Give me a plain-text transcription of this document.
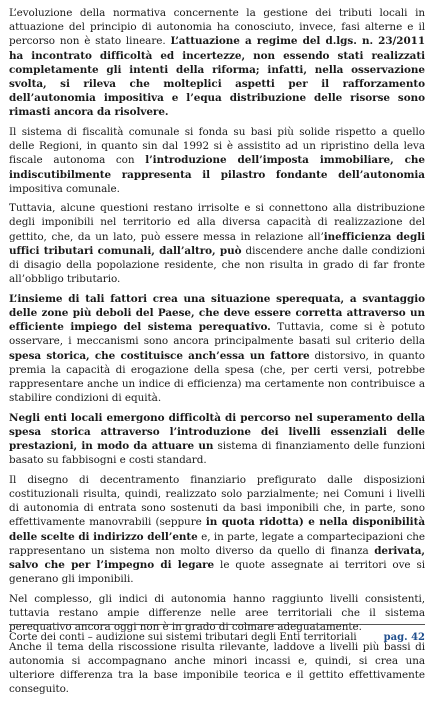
L’evoluzione della normativa concernente la gestione dei tributi locali in attuazione del principio di autonomia ha conosciuto, invece, fasi alterne e il percorso non è stato lineare. L’attuazione a regime del d.lgs. n. 23/2011 ha incontrato difficoltà ed incertezze, non essendo stati realizzati completamente gli intenti della riforma; infatti, nella osservazione svolta, si rileva che molteplici aspetti per il rafforzamento dell’autonomia impositiva e l’equa distribuzione delle risorse sono rimasti ancora da risolvere.

Il sistema di fiscalità comunale si fonda su basi più solide rispetto a quello delle Regioni, in quanto sin dal 1992 si è assistito ad un ripristino della leva fiscale autonoma con l’introduzione dell’imposta immobiliare, che indiscutibilmente rappresenta il pilastro fondante dell’autonomia impositiva comunale.

Tuttavia, alcune questioni restano irrisolte e si connettono alla distribuzione degli imponibili nel territorio ed alla diversa capacità di realizzazione del gettito, che, da un lato, può essere messa in relazione all’inefficienza degli uffici tributari comunali, dall’altro, può discendere anche dalle condizioni di disagio della popolazione residente, che non risulta in grado di far fronte all’obbligo tributario.

L’insieme di tali fattori crea una situazione sperequata, a svantaggio delle zone più deboli del Paese, che deve essere corretta attraverso un efficiente impiego del sistema perequativo. Tuttavia, come si è potuto osservare, i meccanismi sono ancora principalmente basati sul criterio della spesa storica, che costituisce anch’essa un fattore distorsivo, in quanto premia la capacità di erogazione della spesa (che, per certi versi, potrebbe rappresentare anche un indice di efficienza) ma certamente non contribuisce a stabilire condizioni di equità.

Negli enti locali emergono difficoltà di percorso nel superamento della spesa storica attraverso l’introduzione dei livelli essenziali delle prestazioni, in modo da attuare un sistema di finanziamento delle funzioni basato su fabbisogni e costi standard.

Il disegno di decentramento finanziario prefigurato dalle disposizioni costituzionali risulta, quindi, realizzato solo parzialmente; nei Comuni i livelli di autonomia di entrata sono sostenuti da basi imponibili che, in parte, sono effettivamente manovrabili (seppure in quota ridotta) e nella disponibilità delle scelte di indirizzo dell’ente e, in parte, legate a compartecipazioni che rappresentano un sistema non molto diverso da quello di finanza derivata, salvo che per l’impegno di legare le quote assegnate ai territori ove si generano gli imponibili.

Nel complesso, gli indici di autonomia hanno raggiunto livelli consistenti, tuttavia restano ampie differenze nelle aree territoriali che il sistema perequativo ancora oggi non è in grado di colmare adeguatamente.

Anche il tema della riscossione risulta rilevante, laddove a livelli più bassi di autonomia si accompagnano anche minori incassi e, quindi, si crea una ulteriore differenza tra la base imponibile teorica e il gettito effettivamente conseguito.

Corte dei conti – audizione sui sistemi tributari degli Enti territoriali	pag. 42
